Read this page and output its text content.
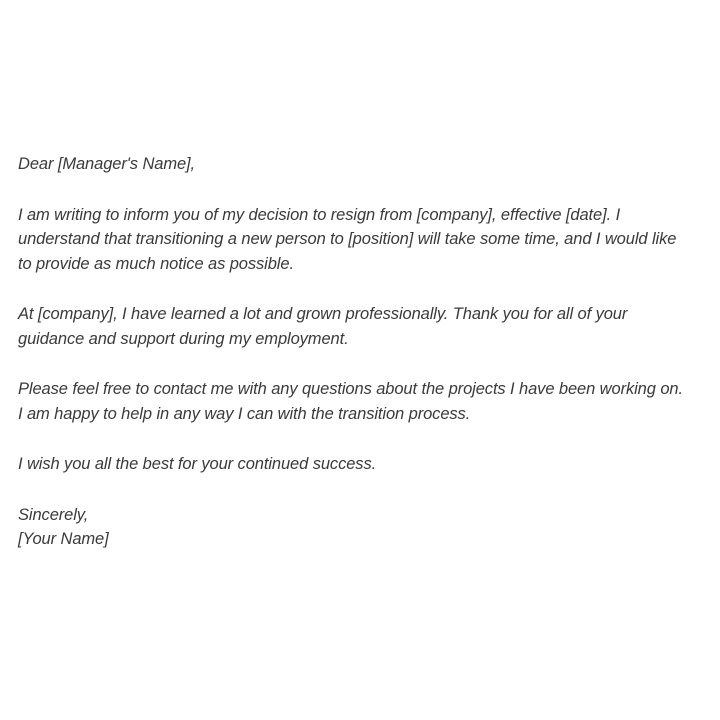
Dear [Manager's Name],

I am writing to inform you of my decision to resign from [company], effective [date]. I
understand that transitioning a new person to [position] will take some time, and I would like
to provide as much notice as possible.

At [company], I have learned a lot and grown professionally. Thank you for all of your
guidance and support during my employment.

Please feel free to contact me with any questions about the projects I have been working on.
I am happy to help in any way I can with the transition process.

I wish you all the best for your continued success.

Sincerely,
[Your Name]
